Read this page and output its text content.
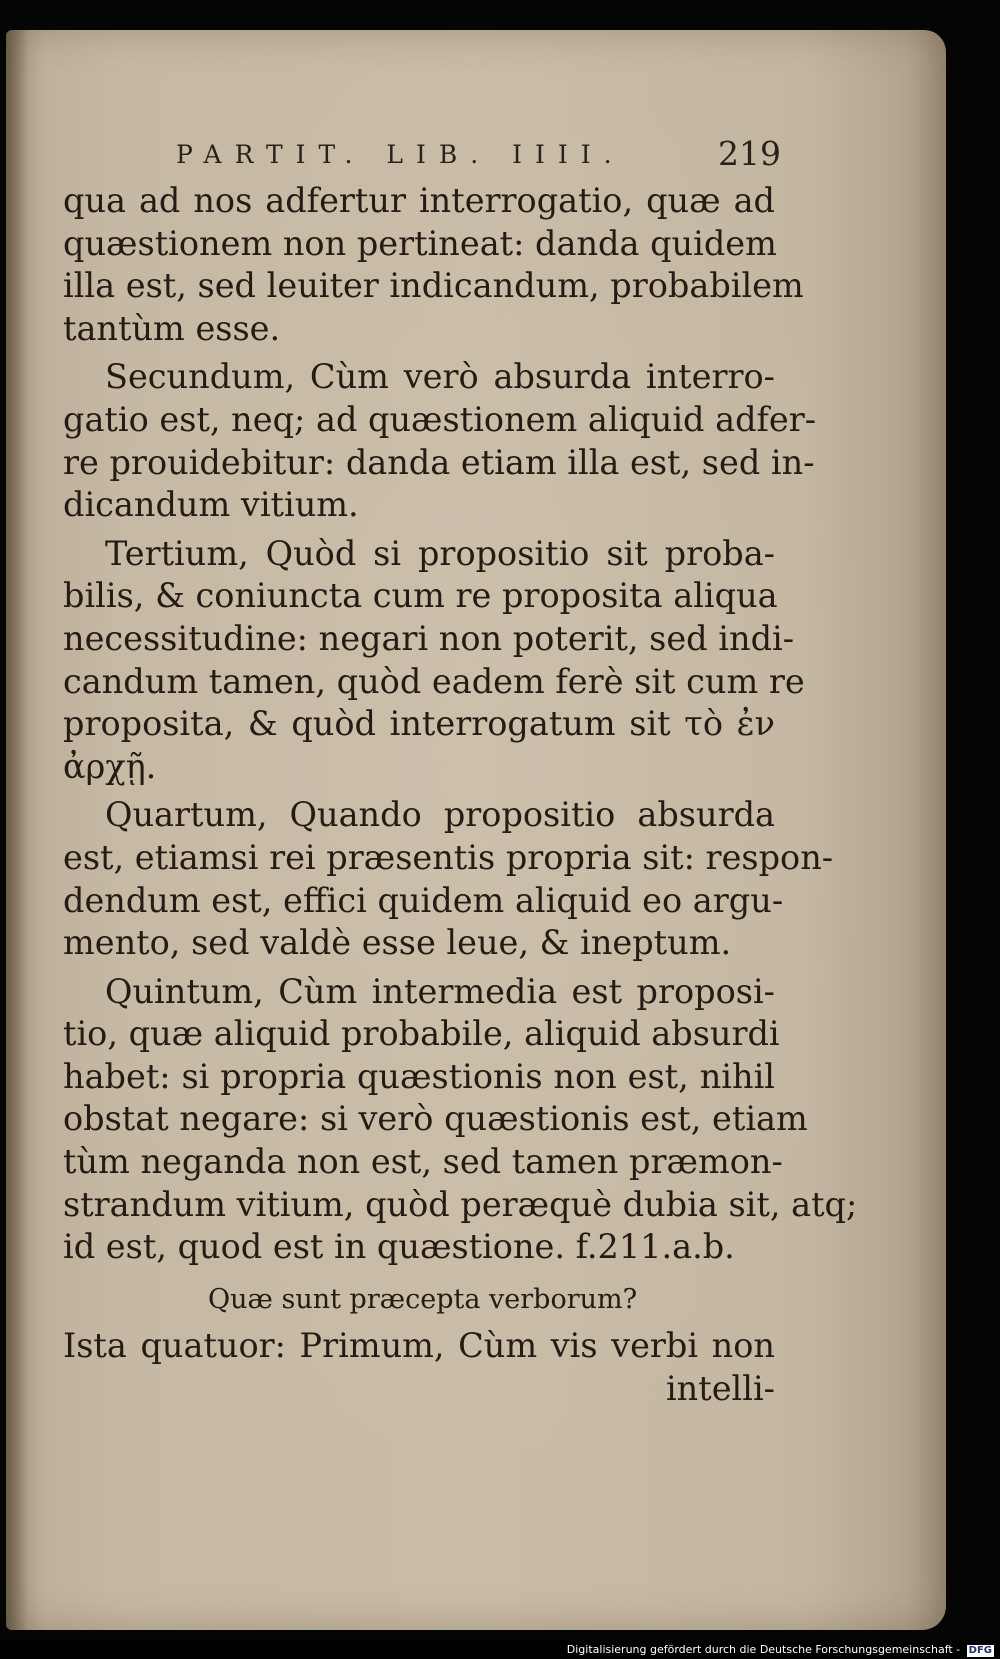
PARTIT. LIB. IIII.	219
qua ad nos adfertur interrogatio, quæ ad
quæstionem non pertineat: danda quidem
illa est, sed leuiter indicandum, probabilem
tantùm esse.
Secundum, Cùm verò absurda interro-
gatio est, neq; ad quæstionem aliquid adfer-
re prouidebitur: danda etiam illa est, sed in-
dicandum vitium.
Tertium, Quòd si propositio sit proba-
bilis, & coniuncta cum re proposita aliqua
necessitudine: negari non poterit, sed indi-
candum tamen, quòd eadem ferè sit cum re
proposita, & quòd interrogatum sit τὸ ἐν
ἀρχῇ.
Quartum, Quando propositio absurda
est, etiamsi rei præsentis propria sit: respon-
dendum est, effici quidem aliquid eo argu-
mento, sed valdè esse leue, & ineptum.
Quintum, Cùm intermedia est proposi-
tio, quæ aliquid probabile, aliquid absurdi
habet: si propria quæstionis non est, nihil
obstat negare: si verò quæstionis est, etiam
tùm neganda non est, sed tamen præmon-
strandum vitium, quòd peræquè dubia sit, atq;
id est, quod est in quæstione. f.211.a.b.
Quæ sunt præcepta verborum?
Ista quatuor: Primum, Cùm vis verbi non
intelli-
Digitalisierung gefördert durch die Deutsche Forschungsgemeinschaft - DFG
